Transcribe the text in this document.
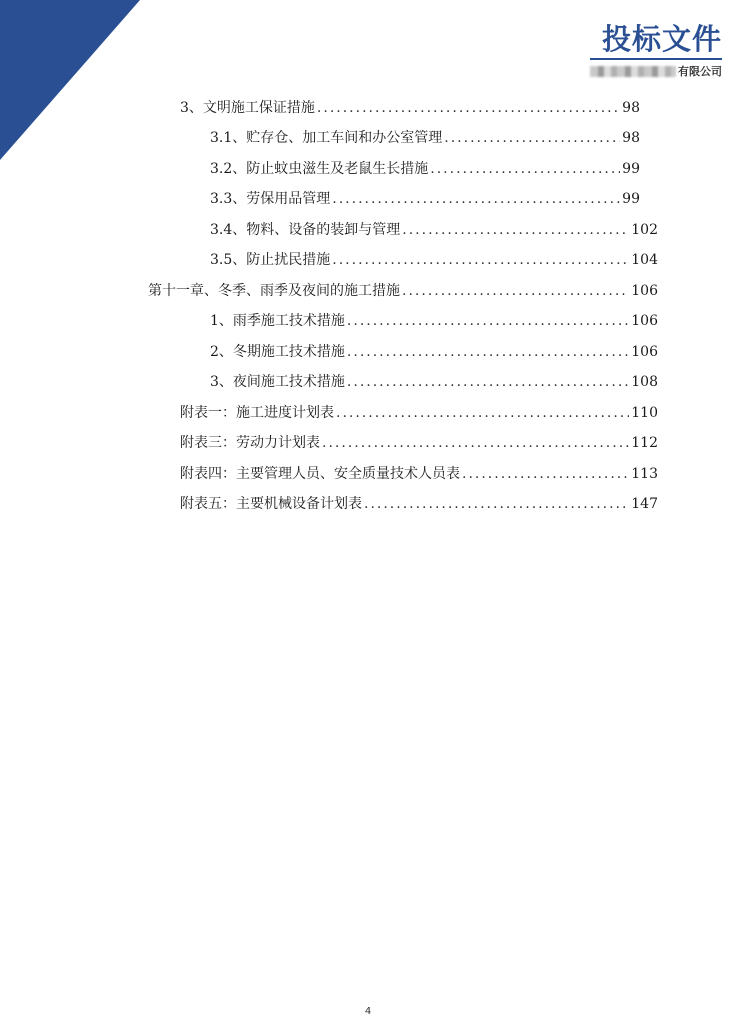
投标文件
有限公司
3、文明施工保证措施 .....	98
3.1、贮存仓、加工车间和办公室管理 .....	98
3.2、防止蚊虫滋生及老鼠生长措施 .....	99
3.3、劳保用品管理 .....	99
3.4、物料、设备的装卸与管理 .....	102
3.5、防止扰民措施 .....	104
第十一章、冬季、雨季及夜间的施工措施 .....	106
1、雨季施工技术措施 .....	106
2、冬期施工技术措施 .....	106
3、夜间施工技术措施 .....	108
附表一：施工进度计划表 .....	110
附表三：劳动力计划表 .....	112
附表四：主要管理人员、安全质量技术人员表 .....	113
附表五：主要机械设备计划表 .....	147
4
